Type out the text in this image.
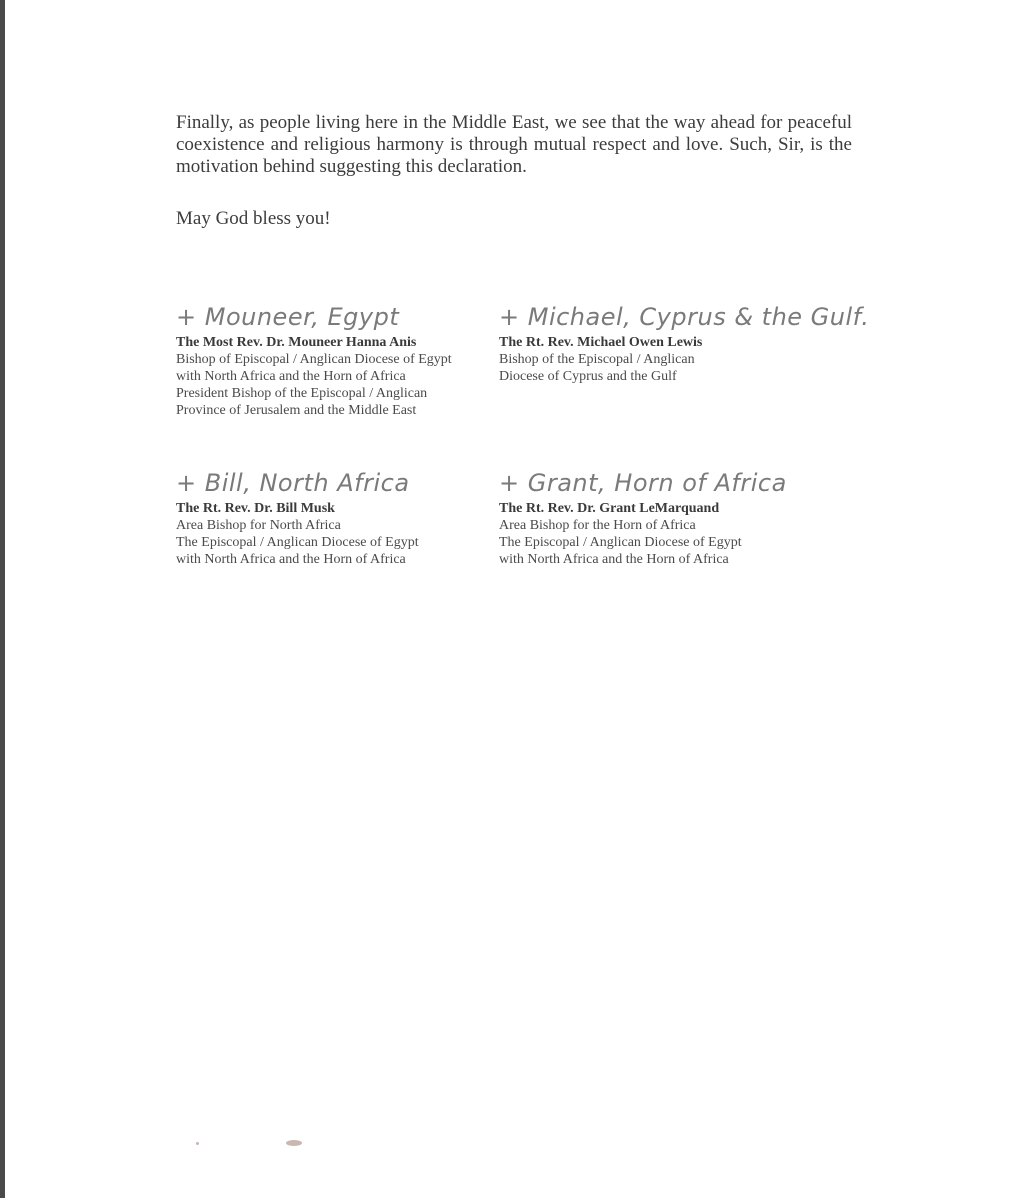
Finally, as people living here in the Middle East, we see that the way ahead for peaceful coexistence and religious harmony is through mutual respect and love. Such, Sir, is the motivation behind suggesting this declaration.

May God bless you!

+ Mouneer, Egypt
The Most Rev. Dr. Mouneer Hanna Anis
Bishop of Episcopal / Anglican Diocese of Egypt
with North Africa and the Horn of Africa
President Bishop of the Episcopal / Anglican
Province of Jerusalem and the Middle East
+ Michael, Cyprus & the Gulf.
The Rt. Rev. Michael Owen Lewis
Bishop of the Episcopal / Anglican
Diocese of Cyprus and the Gulf
+ Bill, North Africa
The Rt. Rev. Dr. Bill Musk
Area Bishop for North Africa
The Episcopal / Anglican Diocese of Egypt
with North Africa and the Horn of Africa
+ Grant, Horn of Africa
The Rt. Rev. Dr. Grant LeMarquand
Area Bishop for the Horn of Africa
The Episcopal / Anglican Diocese of Egypt
with North Africa and the Horn of Africa
